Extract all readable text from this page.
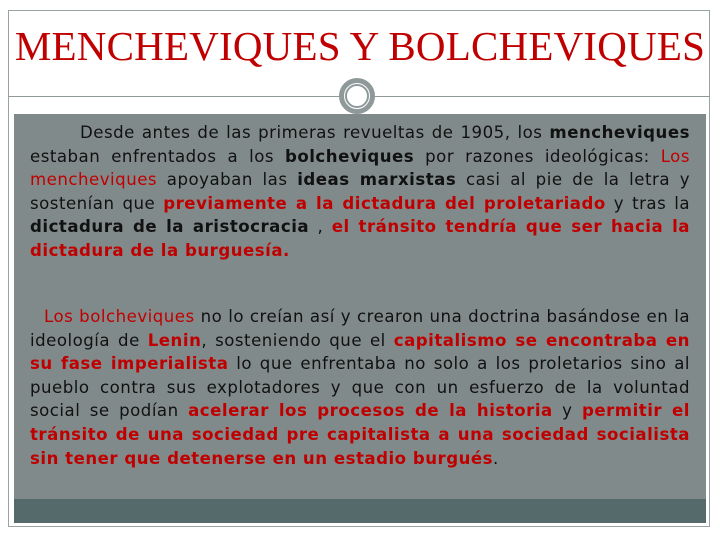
MENCHEVIQUES Y BOLCHEVIQUES

Desde antes de las primeras revueltas de 1905, los mencheviques estaban enfrentados a los bolcheviques por razones ideológicas: Los mencheviques apoyaban las ideas marxistas casi al pie de la letra y sostenían que previamente a la dictadura del proletariado y tras la dictadura de la aristocracia , el tránsito tendría que ser hacia la dictadura de la burguesía.

Los bolcheviques no lo creían así y crearon una doctrina basándose en la ideología de Lenin, sosteniendo que el capitalismo se encontraba en su fase imperialista lo que enfrentaba no solo a los proletarios sino al pueblo contra sus explotadores y que con un esfuerzo de la voluntad social se podían acelerar los procesos de la historia y permitir el tránsito de una sociedad pre capitalista a una sociedad socialista sin tener que detenerse en un estadio burgués.
